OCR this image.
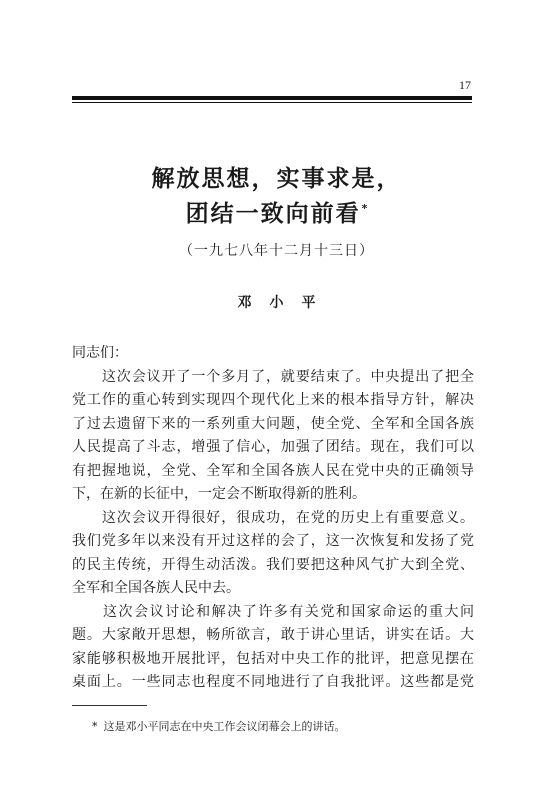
17
解放思想，实事求是，
团结一致向前看*
（一九七八年十二月十三日）
邓小平
同志们：
　　这次会议开了一个多月了，就要结束了。中央提出了把全
党工作的重心转到实现四个现代化上来的根本指导方针，解决
了过去遗留下来的一系列重大问题，使全党、全军和全国各族
人民提高了斗志，增强了信心，加强了团结。现在，我们可以
有把握地说，全党、全军和全国各族人民在党中央的正确领导
下，在新的长征中，一定会不断取得新的胜利。
　　这次会议开得很好，很成功，在党的历史上有重要意义。
我们党多年以来没有开过这样的会了，这一次恢复和发扬了党
的民主传统，开得生动活泼。我们要把这种风气扩大到全党、
全军和全国各族人民中去。
　　这次会议讨论和解决了许多有关党和国家命运的重大问
题。大家敞开思想，畅所欲言，敢于讲心里话，讲实在话。大
家能够积极地开展批评，包括对中央工作的批评，把意见摆在
桌面上。一些同志也程度不同地进行了自我批评。这些都是党
* 这是邓小平同志在中央工作会议闭幕会上的讲话。
